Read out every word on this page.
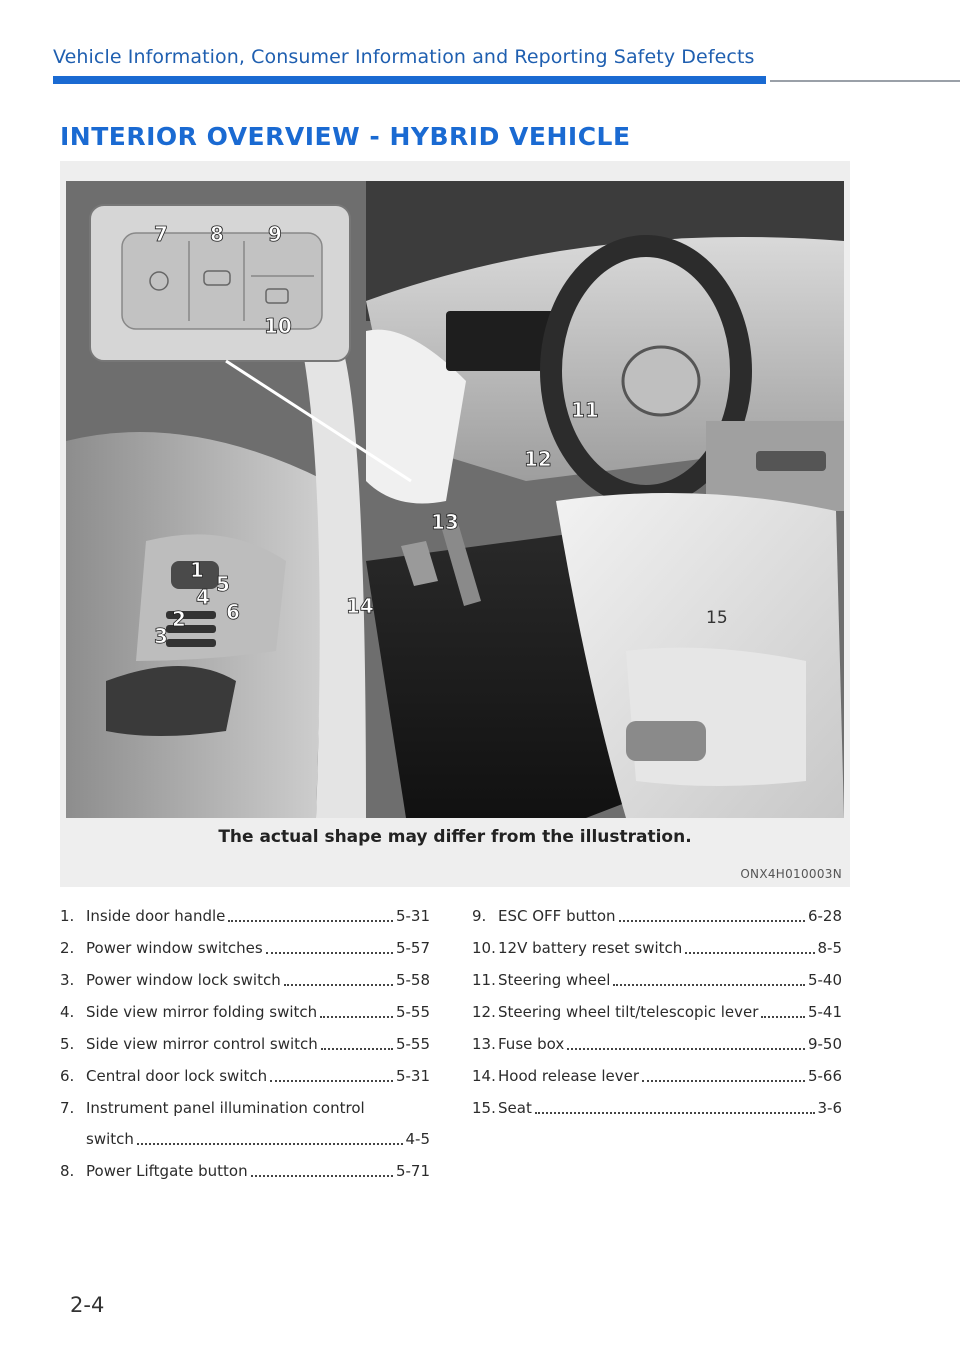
Vehicle Information, Consumer Information and Reporting Safety Defects
INTERIOR OVERVIEW - HYBRID VEHICLE
7 8 9
10
1
4
5
2 6
3
11
12
13
14	15
The actual shape may differ from the illustration.
ONX4H010003N
1. Inside door handle	5-31
2. Power window switches	5-57
3. Power window lock switch	5-58
4. Side view mirror folding switch	5-55
5. Side view mirror control switch	5-55
6. Central door lock switch	5-31
7. Instrument panel illumination control
switch	4-5
8. Power Liftgate button	5-71
9. ESC OFF button	6-28
10. 12V battery reset switch	8-5
11. Steering wheel	5-40
12. Steering wheel tilt/telescopic lever	5-41
13. Fuse box	9-50
14. Hood release lever	5-66
15. Seat	3-6
2-4
